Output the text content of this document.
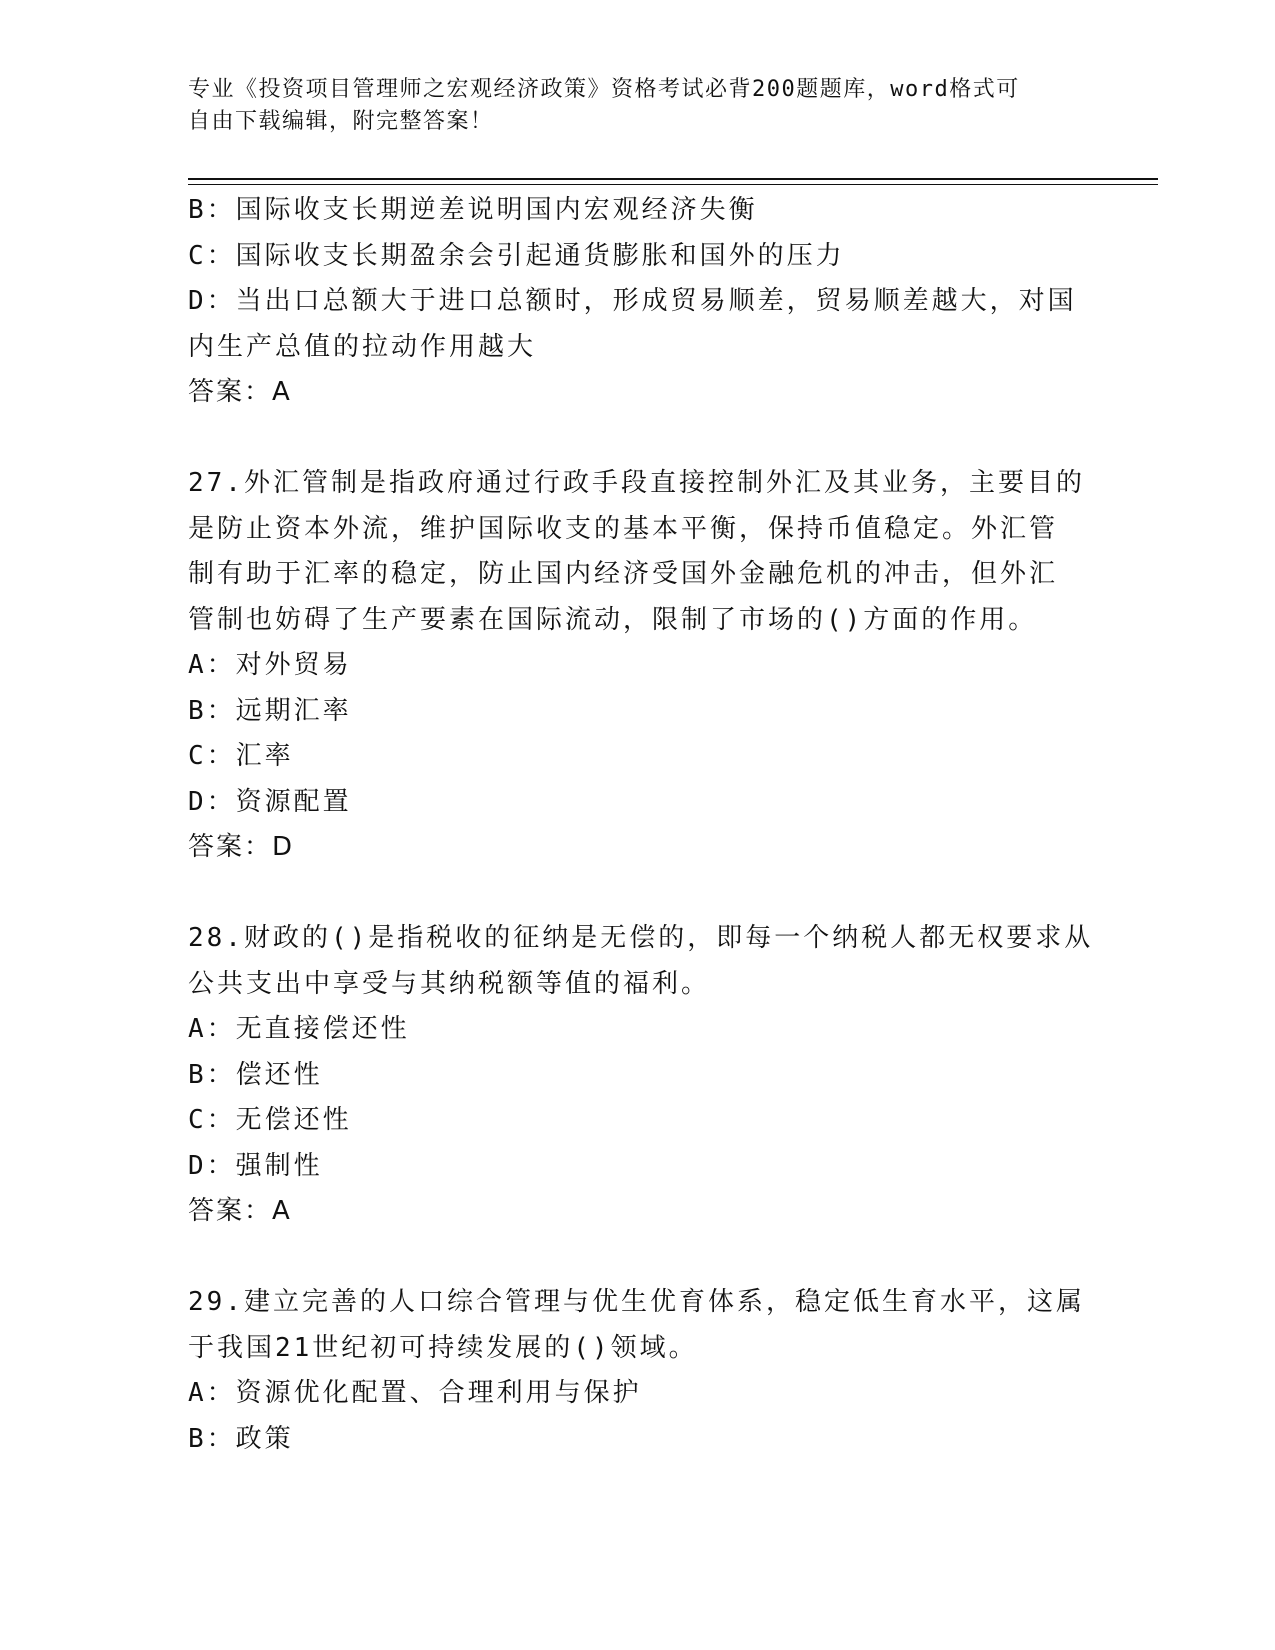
专业《投资项目管理师之宏观经济政策》资格考试必背200题题库，word格式可
自由下载编辑，附完整答案！
B：国际收支长期逆差说明国内宏观经济失衡
C：国际收支长期盈余会引起通货膨胀和国外的压力
D：当出口总额大于进口总额时，形成贸易顺差，贸易顺差越大，对国
内生产总值的拉动作用越大
答案：A
27.外汇管制是指政府通过行政手段直接控制外汇及其业务，主要目的
是防止资本外流，维护国际收支的基本平衡，保持币值稳定。外汇管
制有助于汇率的稳定，防止国内经济受国外金融危机的冲击，但外汇
管制也妨碍了生产要素在国际流动，限制了市场的()方面的作用。
A：对外贸易
B：远期汇率
C：汇率
D：资源配置
答案：D
28.财政的()是指税收的征纳是无偿的，即每一个纳税人都无权要求从
公共支出中享受与其纳税额等值的福利。
A：无直接偿还性
B：偿还性
C：无偿还性
D：强制性
答案：A
29.建立完善的人口综合管理与优生优育体系，稳定低生育水平，这属
于我国21世纪初可持续发展的()领域。
A：资源优化配置、合理利用与保护
B：政策
